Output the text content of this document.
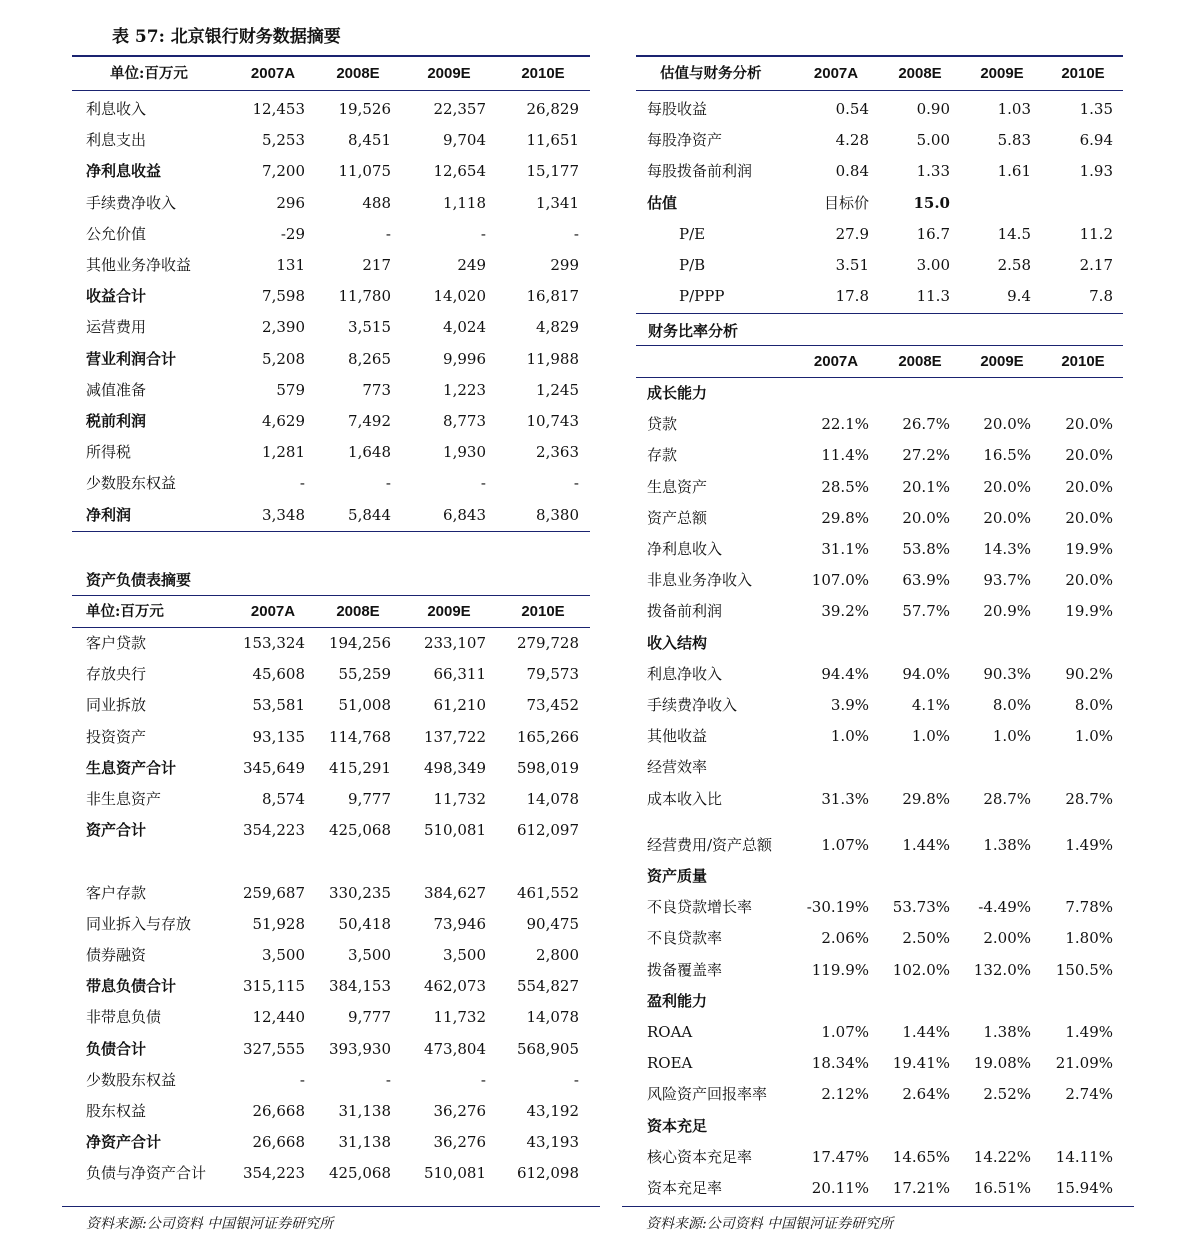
表 57: 北京银行财务数据摘要
资产负债表摘要
单位:百万元	2007A	2008E	2009E	2010E
利息收入	12,453 19,526	22,357	26,829
利息支出	5,253	8,451	9,704	11,651
净利息收益	7,200 11,075	12,654	15,177
手续费净收入	296	488	1,118	1,341
公允价值	-29	-	-	-
其他业务净收益	131	217	249	299
收益合计	7,598 11,780	14,020	16,817
运营费用	2,390	3,515	4,024	4,829
营业利润合计	5,208	8,265	9,996	11,988
减值准备	579	773	1,223	1,245
税前利润	4,629	7,492	8,773	10,743
所得税	1,281	1,648	1,930	2,363
少数股东权益	-	-	-	-
净利润	3,348	5,844	6,843	8,380
单位:百万元	2007A	2008E	2009E	2010E
客户贷款	153,324 194,256 233,107 279,728
存放央行	45,608 55,259	66,311	79,573
同业拆放	53,581 51,008	61,210	73,452
投资资产	93,135 114,768 137,722 165,266
生息资产合计	345,649 415,291 498,349 598,019
非生息资产	8,574	9,777	11,732	14,078
资产合计	354,223 425,068 510,081 612,097
客户存款	259,687 330,235 384,627 461,552
同业拆入与存放	51,928 50,418	73,946	90,475
债券融资	3,500	3,500	3,500	2,800
带息负债合计	315,115 384,153 462,073 554,827
非带息负债	12,440	9,777	11,732	14,078
负债合计	327,555 393,930 473,804 568,905
少数股东权益	-	-	-	-
股东权益	26,668 31,138	36,276	43,192
净资产合计	26,668 31,138	36,276	43,193
负债与净资产合计 354,223 425,068 510,081 612,098
财务比率分析
估值与财务分析	2007A	2008E	2009E	2010E
每股收益	0.54	0.90	1.03	1.35
每股净资产	4.28	5.00	5.83	6.94
每股拨备前利润	0.84	1.33	1.61	1.93
估值	目标价	15.0
P/E	27.9	16.7	14.5	11.2
P/B	3.51	3.00	2.58	2.17
P/PPP	17.8	11.3	9.4	7.8
2007A	2008E	2009E	2010E
成长能力
贷款	22.1% 26.7% 20.0% 20.0%
存款	11.4% 27.2% 16.5% 20.0%
生息资产	28.5% 20.1% 20.0% 20.0%
资产总额	29.8% 20.0% 20.0% 20.0%
净利息收入	31.1% 53.8% 14.3% 19.9%
非息业务净收入	107.0% 63.9% 93.7% 20.0%
拨备前利润	39.2% 57.7% 20.9% 19.9%
收入结构
利息净收入	94.4% 94.0% 90.3% 90.2%
手续费净收入	3.9%	4.1%	8.0%	8.0%
其他收益	1.0%	1.0%	1.0%	1.0%
经营效率
成本收入比	31.3% 29.8% 28.7% 28.7%
经营费用/资产总额	1.07% 1.44% 1.38% 1.49%
资产质量
不良贷款增长率	-30.19% 53.73% -4.49% 7.78%
不良贷款率	2.06% 2.50% 2.00% 1.80%
拨备覆盖率	119.9% 102.0% 132.0% 150.5%
盈利能力
ROAA	1.07% 1.44% 1.38% 1.49%
ROEA	18.34% 19.41% 19.08% 21.09%
风险资产回报率率	2.12% 2.64% 2.52% 2.74%
资本充足
核心资本充足率	17.47% 14.65% 14.22% 14.11%
资本充足率	20.11% 17.21% 16.51% 15.94%
资料来源:公司资料 中国银河证券研究所	资料来源:公司资料 中国银河证券研究所
